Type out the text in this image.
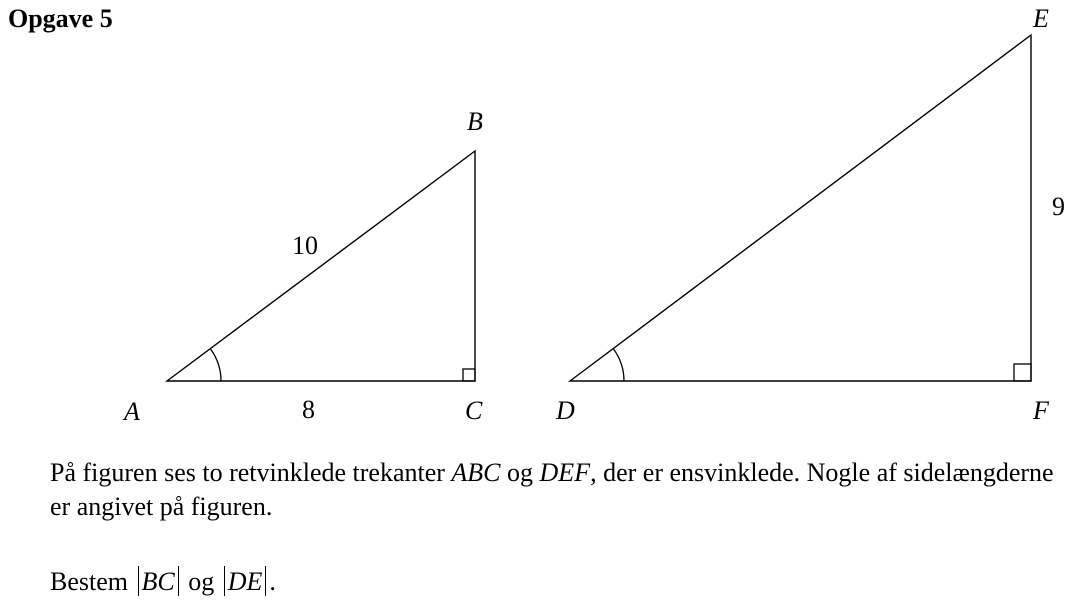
Opgave 5
A
B
C
10
8	D
E
F
9

På figuren ses to retvinklede trekanter ABC og DEF, der er ensvinklede. Nogle af sidelængderne er angivet på figuren.

Bestem BC og DE .
